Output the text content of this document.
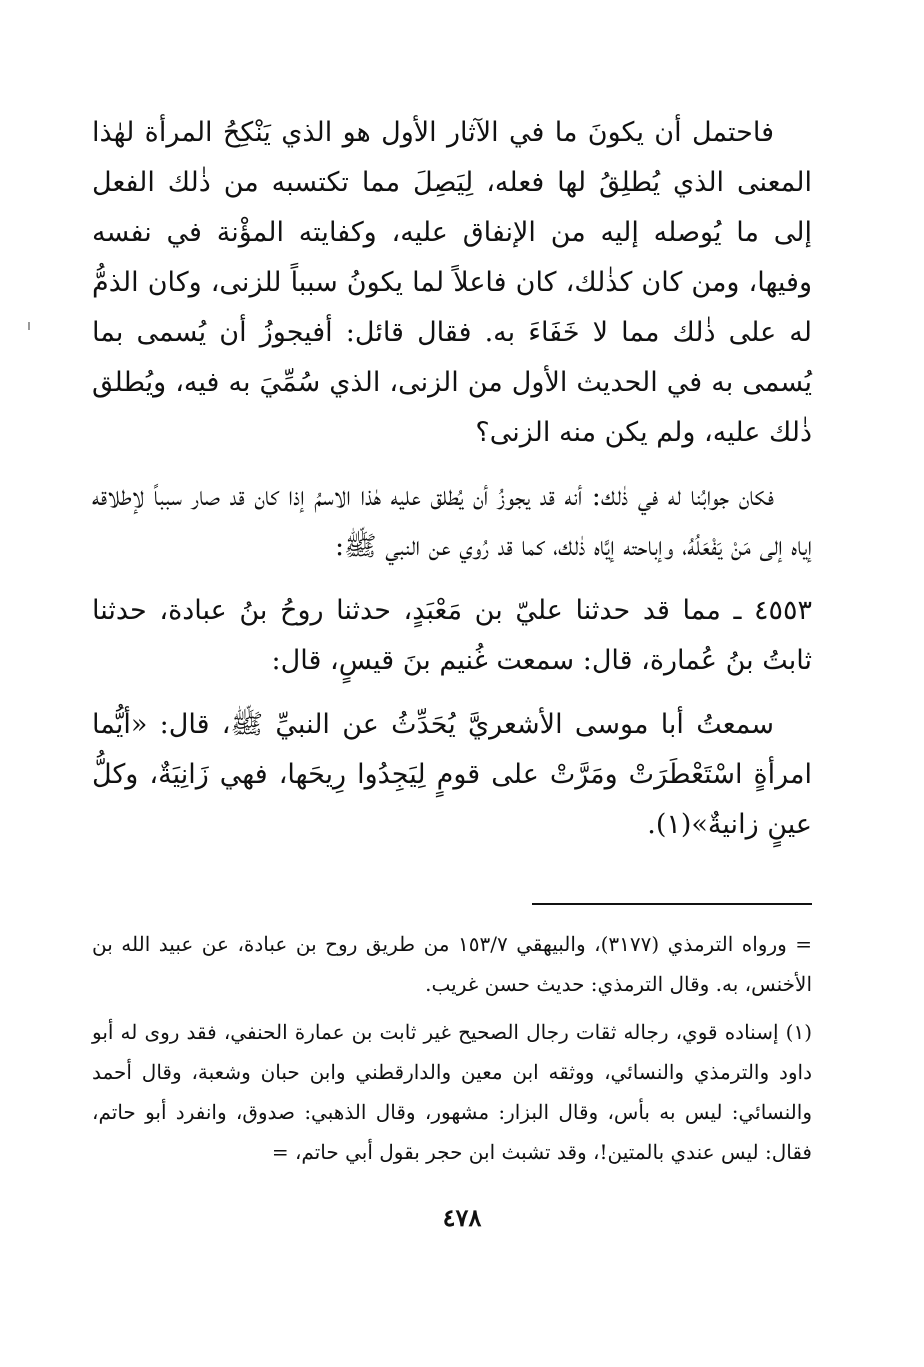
فاحتمل أن يكونَ ما في الآثار الأول هو الذي يَنْكِحُ المرأة لهٰذا المعنى الذي يُطلِقُ لها فعله، لِيَصِلَ مما تكتسبه من ذٰلك الفعل إلى ما يُوصله إليه من الإنفاق عليه، وكفايته المؤْنة في نفسه وفيها، ومن كان كذٰلك، كان فاعلاً لما يكونُ سبباً للزنى، وكان الذمُّ له على ذٰلك مما لا خَفَاءَ به. فقال قائل: أفيجوزُ أن يُسمى بما يُسمى به في الحديث الأول من الزنى، الذي سُمِّيَ به فيه، ويُطلق ذٰلك عليه، ولم يكن منه الزنى؟

فكان جوابُنا له في ذٰلك: أنه قد يجوزُ أن يُطلق عليه هٰذا الاسمُ إذا كان قد صار سبباً لإطلاقه إياه إلى مَنْ يَفْعَلُهُ، وإباحته إيَّاه ذٰلك، كما قد رُوي عن النبي ﷺ:

٤٥٥٣ ـ مما قد حدثنا عليّ بن مَعْبَدٍ، حدثنا روحُ بنُ عبادة، حدثنا ثابتُ بنُ عُمارة، قال: سمعت غُنيم بنَ قيسٍ، قال:

سمعتُ أبا موسى الأشعريَّ يُحَدِّثُ عن النبيِّ ﷺ، قال: «أيُّما امرأةٍ اسْتَعْطَرَتْ ومَرَّتْ على قومٍ لِيَجِدُوا رِيحَها، فهي زَانِيَةٌ، وكلُّ عينٍ زانيةٌ»(١).

= ورواه الترمذي (٣١٧٧)، والبيهقي ١٥٣/٧ من طريق روح بن عبادة، عن عبيد الله بن الأخنس، به. وقال الترمذي: حديث حسن غريب.

(١) إسناده قوي، رجاله ثقات رجال الصحيح غير ثابت بن عمارة الحنفي، فقد روى له أبو داود والترمذي والنسائي، ووثقه ابن معين والدارقطني وابن حبان وشعبة، وقال أحمد والنسائي: ليس به بأس، وقال البزار: مشهور، وقال الذهبي: صدوق، وانفرد أبو حاتم، فقال: ليس عندي بالمتين!، وقد تشبث ابن حجر بقول أبي حاتم، =

٤٧٨
